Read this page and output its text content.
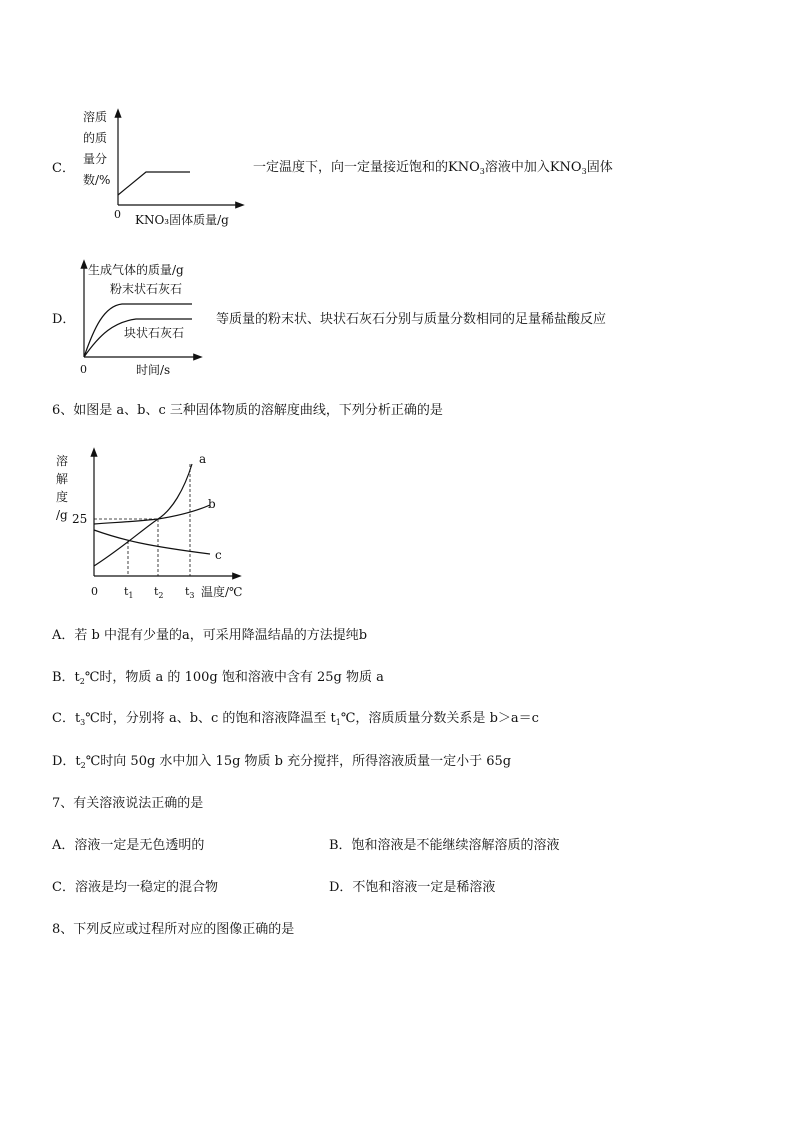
C．
溶质
的质
量分
数/%
0 KNO₃固体质量/g
一定温度下，向一定量接近饱和的$KNO_3$溶液中加入$KNO_3$固体
D．
生成气体的质量/g
粉末状石灰石
块状石灰石
0	时间/s
等质量的粉末状、块状石灰石分别与质量分数相同的足量稀盐酸反应
6、如图是 a、b、c 三种固体物质的溶解度曲线，下列分析正确的是
溶
解
度
/g 25
0 $t_1$ $t_2$ $t_3$ 温度/℃
a
b
c
A．若 b 中混有少量的a，可采用降温结晶的方法提纯b
B．$t_2℃$时，物质 a 的 100g 饱和溶液中含有 25g 物质 a
C．$t_3℃$时，分别将 a、b、c 的饱和溶液降温至 $t_1℃$，溶质质量分数关系是 b＞a＝c
D．$t_2℃$时向 50g 水中加入 15g 物质 b 充分搅拌，所得溶液质量一定小于 65g
7、有关溶液说法正确的是
A．溶液一定是无色透明的	B．饱和溶液是不能继续溶解溶质的溶液
C．溶液是均一稳定的混合物	D．不饱和溶液一定是稀溶液
8、下列反应或过程所对应的图像正确的是
